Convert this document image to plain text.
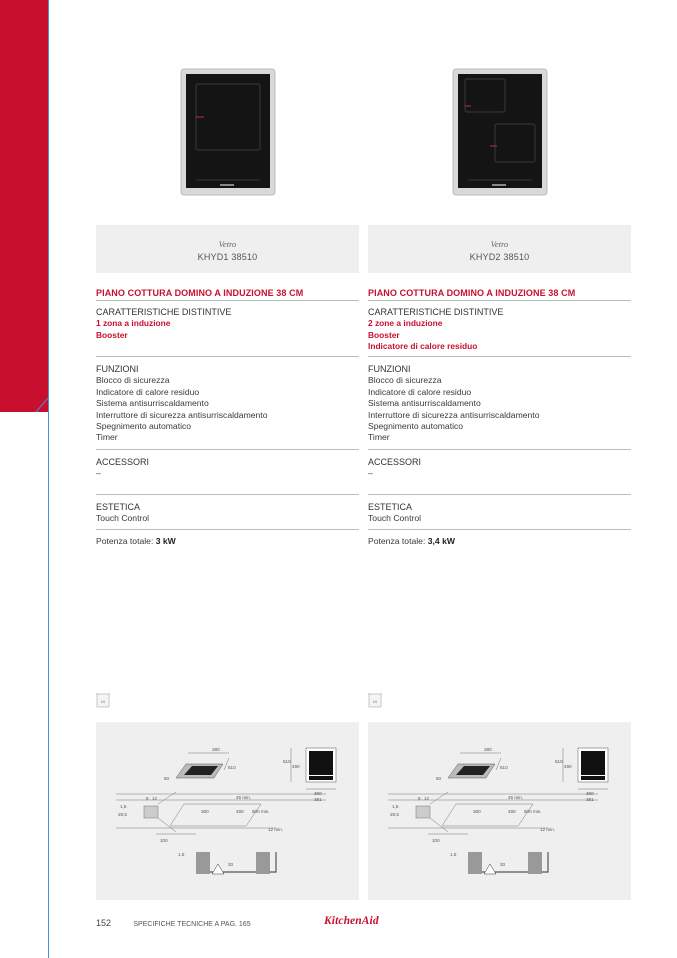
Vetro
KHYD1 38510
PIANO COTTURA DOMINO A INDUZIONE 38 CM
CARATTERISTICHE DISTINTIVE
1 zona a induzione
Booster
FUNZIONI
Blocco di sicurezza
Indicatore di calore residuo
Sistema antisurriscaldamento
Interruttore di sicurezza antisurriscaldamento
Spegnimento automatico
Timer
ACCESSORI
–
ESTETICA
Touch Control
Potenza totale: 3 kW
65
380
510
510
490
60
45 min.
360
381
8 12
1,5
28,5
360	490 600 min.
12 min.
100
1,5
20
Vetro
KHYD2 38510
PIANO COTTURA DOMINO A INDUZIONE 38 CM
CARATTERISTICHE DISTINTIVE
2 zone a induzione
Booster
Indicatore di calore residuo
FUNZIONI
Blocco di sicurezza
Indicatore di calore residuo
Sistema antisurriscaldamento
Interruttore di sicurezza antisurriscaldamento
Spegnimento automatico
Timer
ACCESSORI
–
ESTETICA
Touch Control
Potenza totale: 3,4 kW
65
380
510
510
490
60
45 min.
360
381
8 12
1,5
28,5
360	490 600 min.
12 min.
100
1,5
20
152	SPECIFICHE TECNICHE A PAG. 165	KitchenAid
